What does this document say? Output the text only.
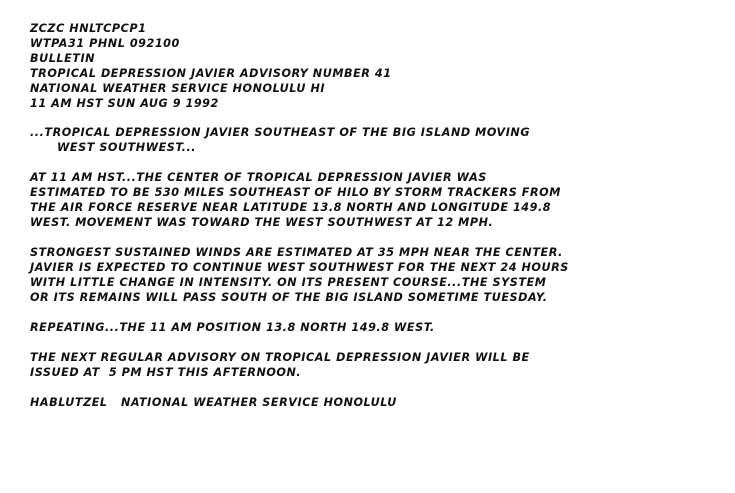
ZCZC HNLTCPCP1
WTPA31 PHNL 092100
BULLETIN
TROPICAL DEPRESSION JAVIER ADVISORY NUMBER 41
NATIONAL WEATHER SERVICE HONOLULU HI
11 AM HST SUN AUG 9 1992
...TROPICAL DEPRESSION JAVIER SOUTHEAST OF THE BIG ISLAND MOVING
WEST SOUTHWEST...
AT 11 AM HST...THE CENTER OF TROPICAL DEPRESSION JAVIER WAS
ESTIMATED TO BE 530 MILES SOUTHEAST OF HILO BY STORM TRACKERS FROM
THE AIR FORCE RESERVE NEAR LATITUDE 13.8 NORTH AND LONGITUDE 149.8
WEST. MOVEMENT WAS TOWARD THE WEST SOUTHWEST AT 12 MPH.
STRONGEST SUSTAINED WINDS ARE ESTIMATED AT 35 MPH NEAR THE CENTER.
JAVIER IS EXPECTED TO CONTINUE WEST SOUTHWEST FOR THE NEXT 24 HOURS
WITH LITTLE CHANGE IN INTENSITY. ON ITS PRESENT COURSE...THE SYSTEM
OR ITS REMAINS WILL PASS SOUTH OF THE BIG ISLAND SOMETIME TUESDAY.
REPEATING...THE 11 AM POSITION 13.8 NORTH 149.8 WEST.
THE NEXT REGULAR ADVISORY ON TROPICAL DEPRESSION JAVIER WILL BE
ISSUED AT  5 PM HST THIS AFTERNOON.
HABLUTZEL   NATIONAL WEATHER SERVICE HONOLULU
